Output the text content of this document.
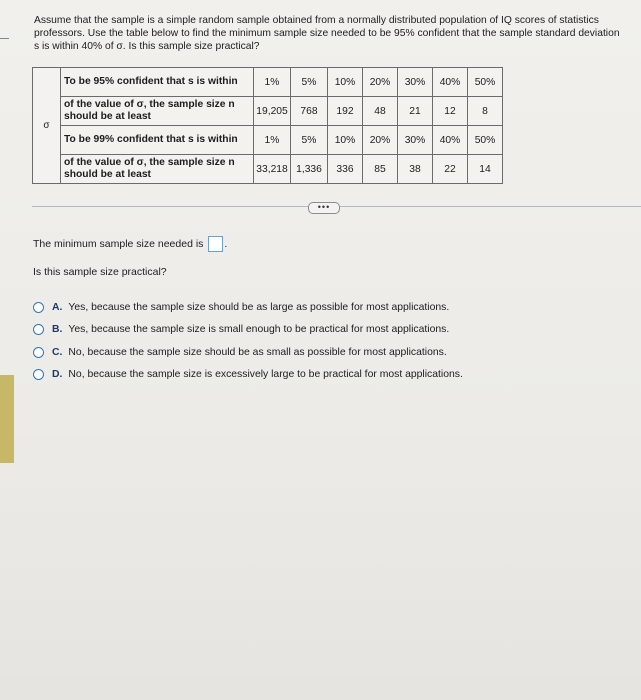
Assume that the sample is a simple random sample obtained from a normally distributed population of IQ scores of statistics professors. Use the table below to find the minimum sample size needed to be 95% confident that the sample standard deviation s is within 40% of σ. Is this sample size practical?
σ	To be 95% confident that s is within	1%	5%	10%	20%	30%	40%	50%
	of the value of σ, the sample size n should be at least	19,205	768	192	48	21	12	8
	To be 99% confident that s is within	1%	5%	10%	20%	30%	40%	50%
	of the value of σ, the sample size n should be at least	33,218	1,336	336	85	38	22	14
•••
The minimum sample size needed is .
Is this sample size practical?
A. Yes, because the sample size should be as large as possible for most applications.
B. Yes, because the sample size is small enough to be practical for most applications.
C. No, because the sample size should be as small as possible for most applications.
D. No, because the sample size is excessively large to be practical for most applications.
